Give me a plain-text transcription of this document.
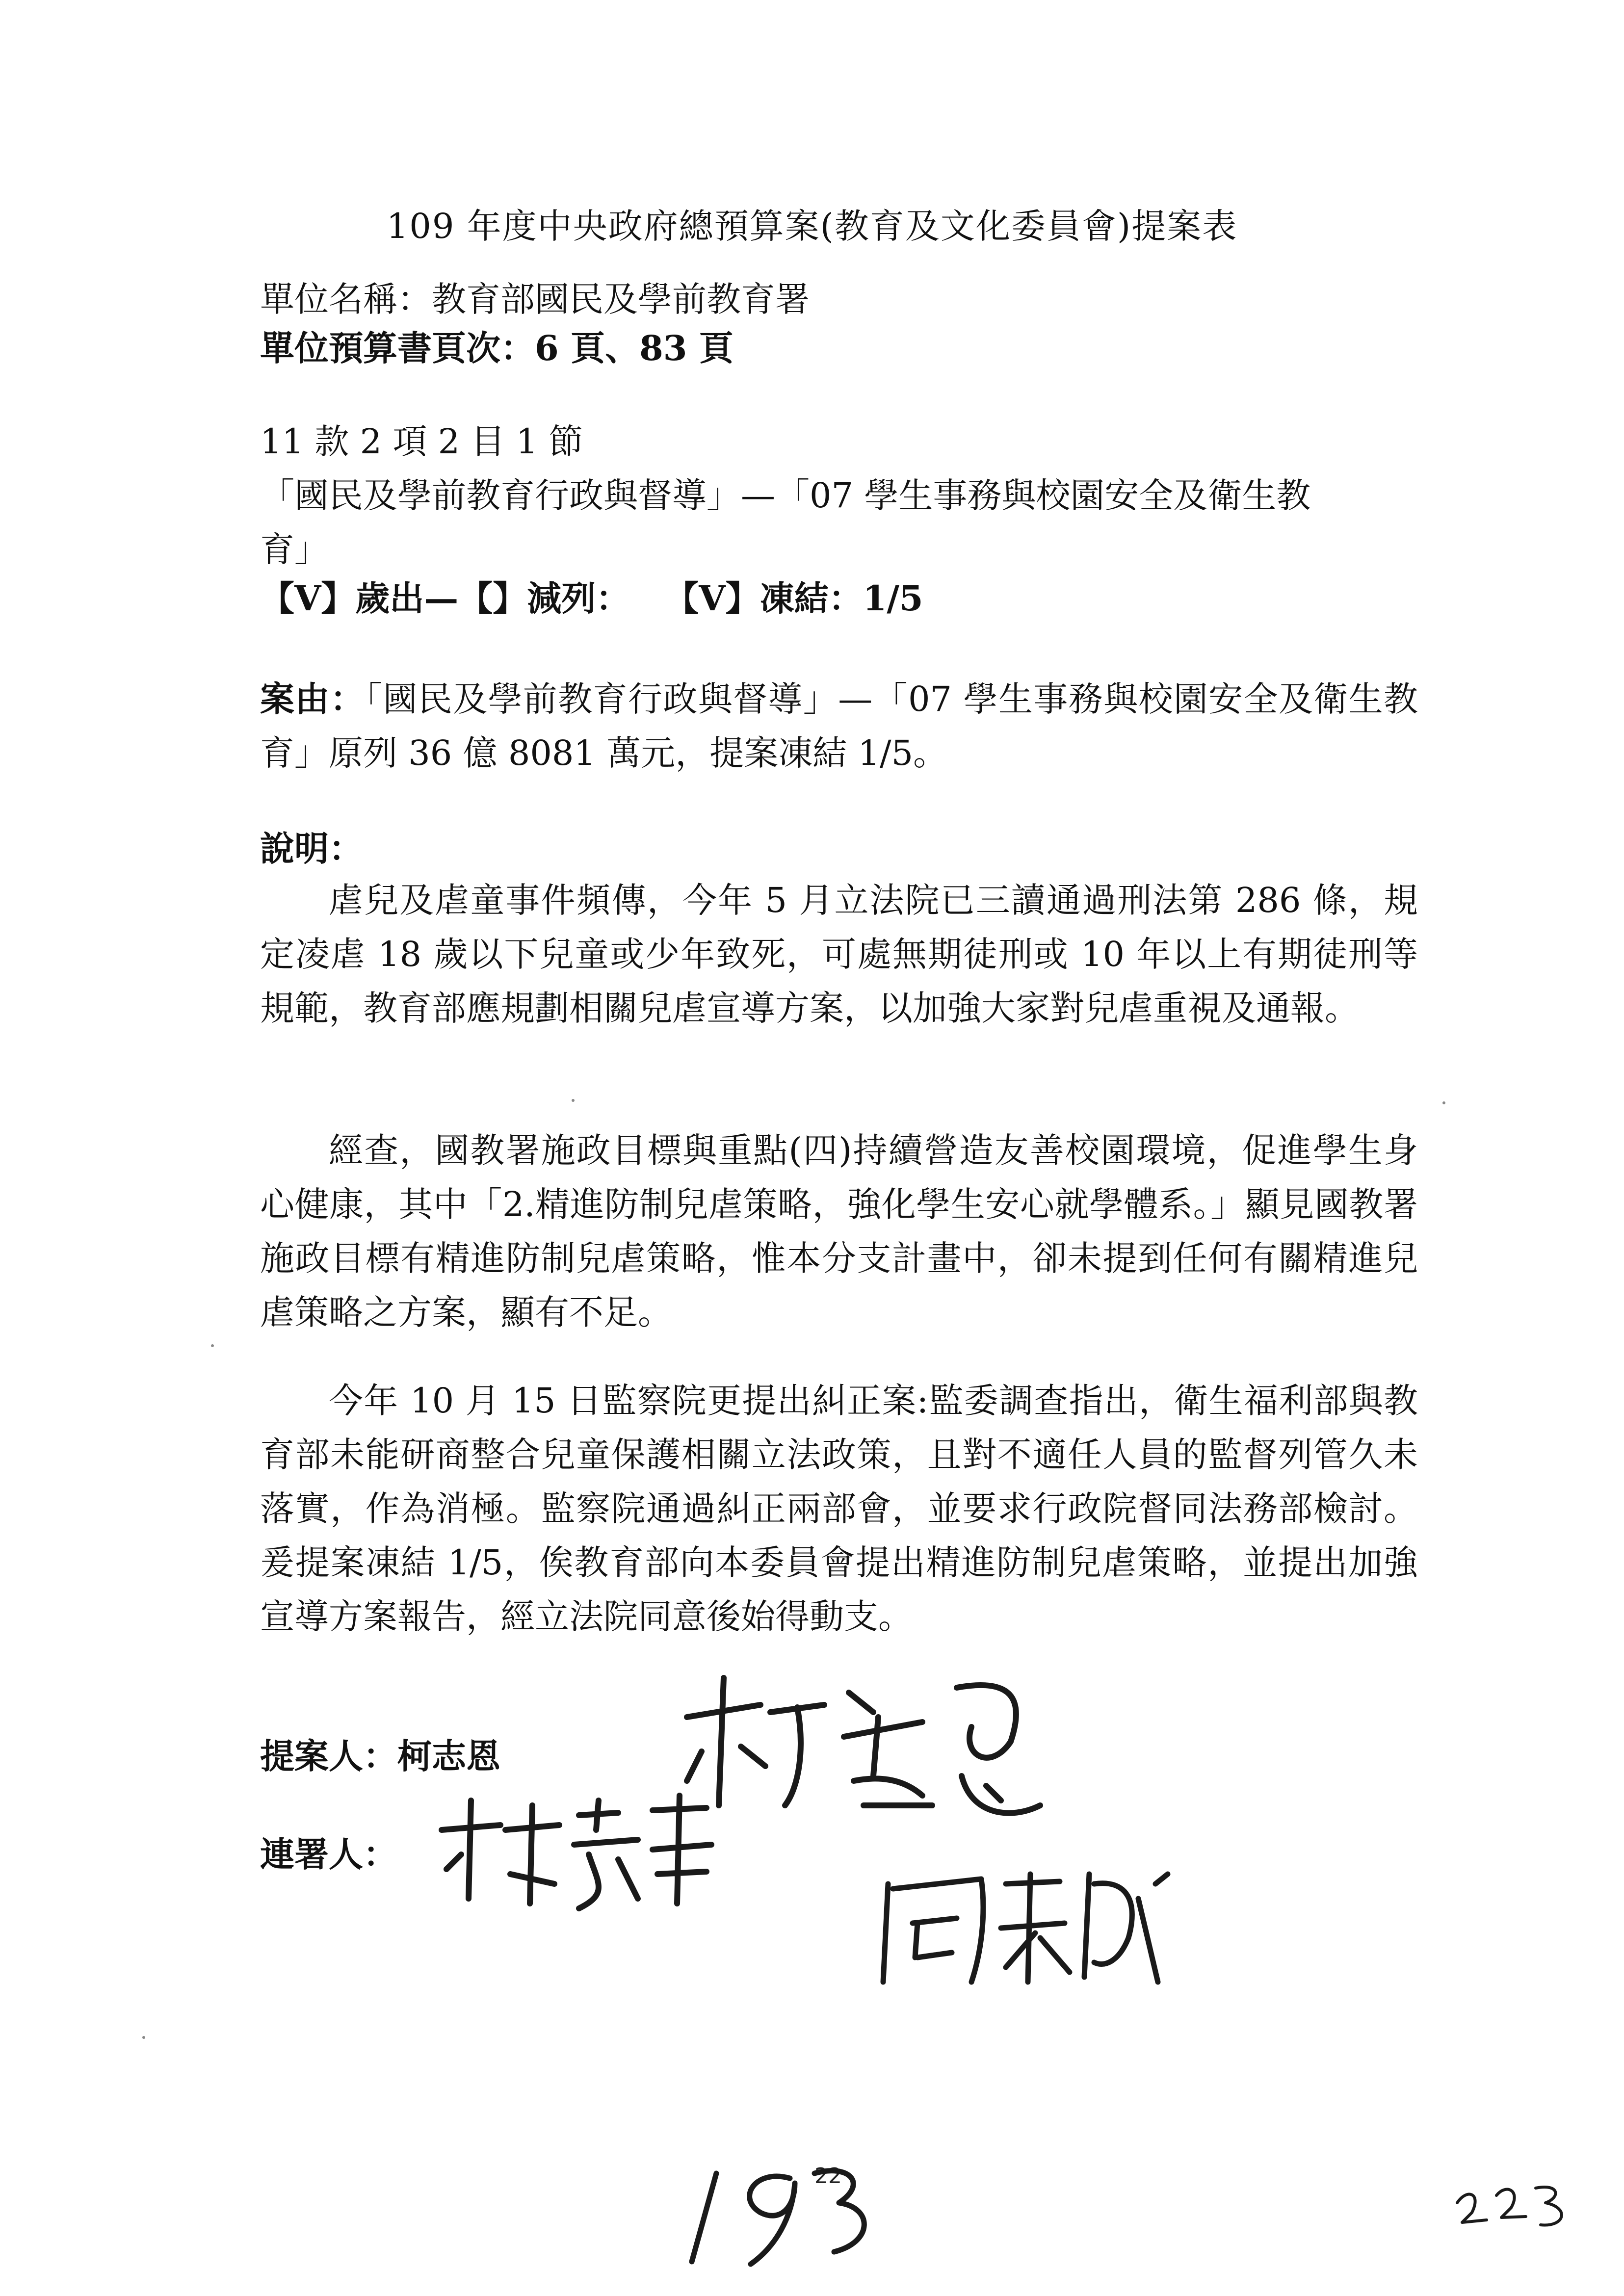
109 年度中央政府總預算案(教育及文化委員會)提案表
單位名稱：教育部國民及學前教育署
單位預算書頁次：6 頁、83 頁
11 款 2 項 2 目 1 節
「國民及學前教育行政與督導」—「07 學生事務與校園安全及衛生教
育」
【V】歲出—【】減列：　　【V】凍結：1/5
案由：「國民及學前教育行政與督導」—「07 學生事務與校園安全及衛生教育」原列 36 億 8081 萬元，提案凍結 1/5。
說明：
虐兒及虐童事件頻傳，今年 5 月立法院已三讀通過刑法第 286 條，規定凌虐 18 歲以下兒童或少年致死，可處無期徒刑或 10 年以上有期徒刑等規範，教育部應規劃相關兒虐宣導方案，以加強大家對兒虐重視及通報。
經查，國教署施政目標與重點(四)持續營造友善校園環境，促進學生身心健康，其中「2.精進防制兒虐策略，強化學生安心就學體系。」顯見國教署施政目標有精進防制兒虐策略，惟本分支計畫中，卻未提到任何有關精進兒虐策略之方案，顯有不足。
今年 10 月 15 日監察院更提出糾正案:監委調查指出，衛生福利部與教育部未能研商整合兒童保護相關立法政策，且對不適任人員的監督列管久未落實，作為消極。監察院通過糾正兩部會，並要求行政院督同法務部檢討。爰提案凍結 1/5，俟教育部向本委員會提出精進防制兒虐策略，並提出加強宣導方案報告，經立法院同意後始得動支。
提案人：柯志恩
連署人：
22
